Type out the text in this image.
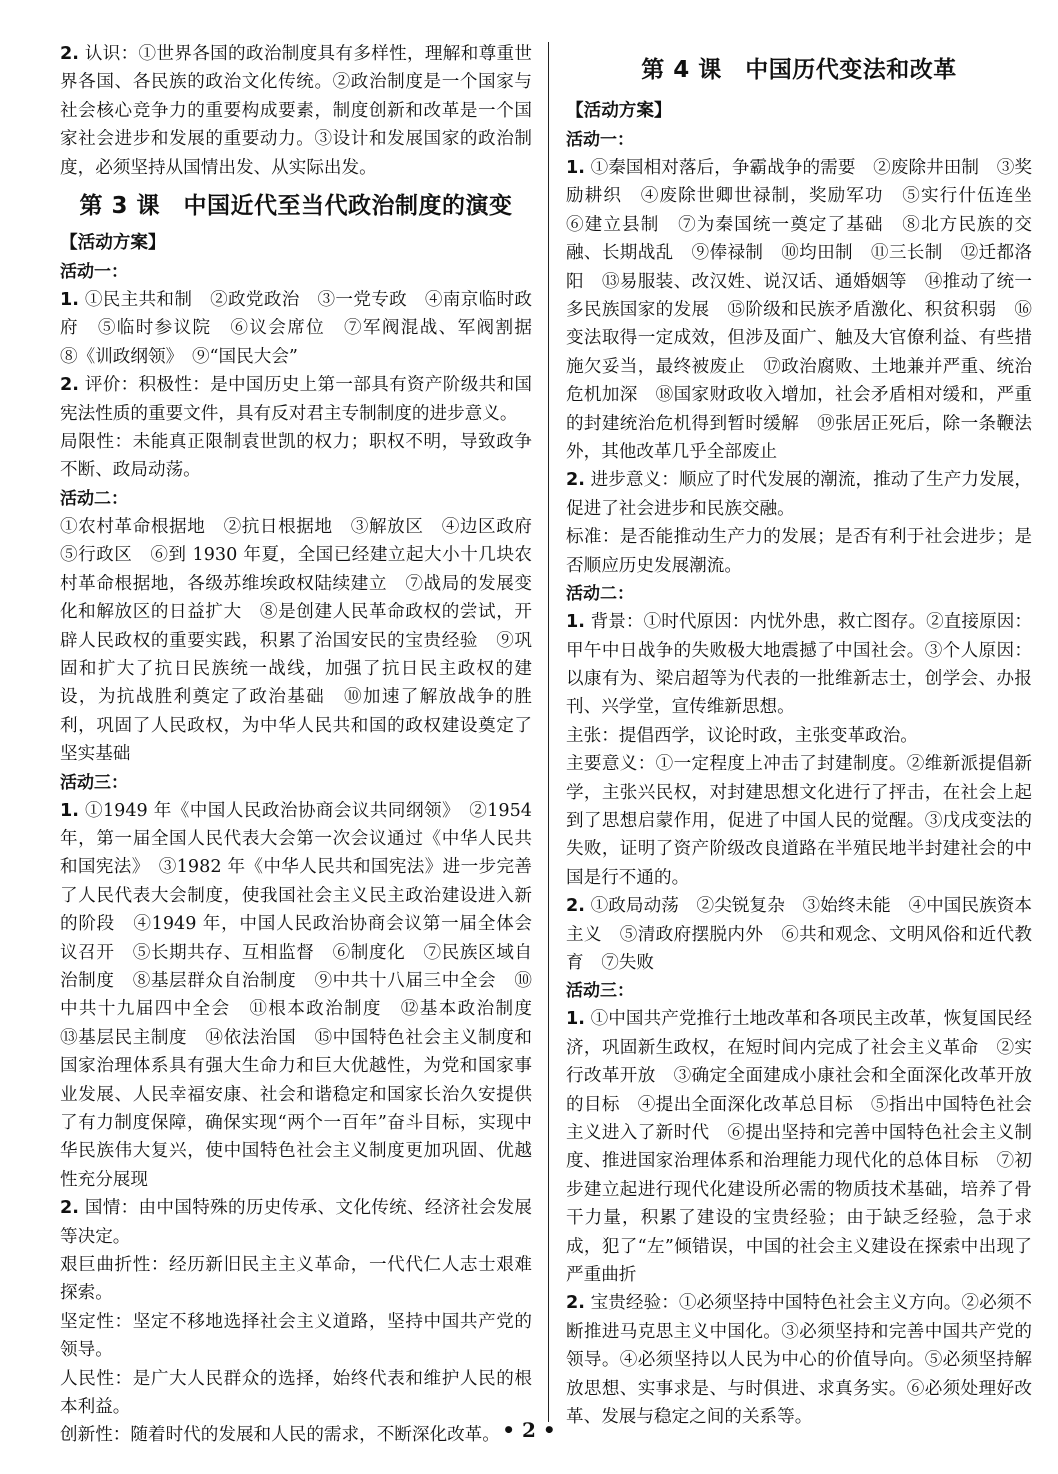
2. 认识：①世界各国的政治制度具有多样性，理解和尊重世界各国、各民族的政治文化传统。②政治制度是一个国家与社会核心竞争力的重要构成要素，制度创新和改革是一个国家社会进步和发展的重要动力。③设计和发展国家的政治制度，必须坚持从国情出发、从实际出发。

第 3 课　中国近代至当代政治制度的演变
【活动方案】
活动一：

1. ①民主共和制　②政党政治　③一党专政　④南京临时政府　⑤临时参议院　⑥议会席位　⑦军阀混战、军阀割据　⑧《训政纲领》　⑨“国民大会”

2. 评价：积极性：是中国历史上第一部具有资产阶级共和国宪法性质的重要文件，具有反对君主专制制度的进步意义。

局限性：未能真正限制袁世凯的权力；职权不明，导致政争不断、政局动荡。

活动二：

①农村革命根据地　②抗日根据地　③解放区　④边区政府　⑤行政区　⑥到 1930 年夏，全国已经建立起大小十几块农村革命根据地，各级苏维埃政权陆续建立　⑦战局的发展变化和解放区的日益扩大　⑧是创建人民革命政权的尝试，开辟人民政权的重要实践，积累了治国安民的宝贵经验　⑨巩固和扩大了抗日民族统一战线，加强了抗日民主政权的建设，为抗战胜利奠定了政治基础　⑩加速了解放战争的胜利，巩固了人民政权，为中华人民共和国的政权建设奠定了坚实基础

活动三：

1. ①1949 年《中国人民政治协商会议共同纲领》　②1954 年，第一届全国人民代表大会第一次会议通过《中华人民共和国宪法》　③1982 年《中华人民共和国宪法》进一步完善了人民代表大会制度，使我国社会主义民主政治建设进入新的阶段　④1949 年，中国人民政治协商会议第一届全体会议召开　⑤长期共存、互相监督　⑥制度化　⑦民族区域自治制度　⑧基层群众自治制度　⑨中共十八届三中全会　⑩中共十九届四中全会　⑪根本政治制度　⑫基本政治制度　⑬基层民主制度　⑭依法治国　⑮中国特色社会主义制度和国家治理体系具有强大生命力和巨大优越性，为党和国家事业发展、人民幸福安康、社会和谐稳定和国家长治久安提供了有力制度保障，确保实现“两个一百年”奋斗目标，实现中华民族伟大复兴，使中国特色社会主义制度更加巩固、优越性充分展现

2. 国情：由中国特殊的历史传承、文化传统、经济社会发展等决定。

艰巨曲折性：经历新旧民主主义革命，一代代仁人志士艰难探索。

坚定性：坚定不移地选择社会主义道路，坚持中国共产党的领导。

人民性：是广大人民群众的选择，始终代表和维护人民的根本利益。

创新性：随着时代的发展和人民的需求，不断深化改革。

第 4 课　中国历代变法和改革
【活动方案】
活动一：

1. ①秦国相对落后，争霸战争的需要　②废除井田制　③奖励耕织　④废除世卿世禄制，奖励军功　⑤实行什伍连坐　⑥建立县制　⑦为秦国统一奠定了基础　⑧北方民族的交融、长期战乱　⑨俸禄制　⑩均田制　⑪三长制　⑫迁都洛阳　⑬易服装、改汉姓、说汉话、通婚姻等　⑭推动了统一多民族国家的发展　⑮阶级和民族矛盾激化、积贫积弱　⑯变法取得一定成效，但涉及面广、触及大官僚利益、有些措施欠妥当，最终被废止　⑰政治腐败、土地兼并严重、统治危机加深　⑱国家财政收入增加，社会矛盾相对缓和，严重的封建统治危机得到暂时缓解　⑲张居正死后，除一条鞭法外，其他改革几乎全部废止

2. 进步意义：顺应了时代发展的潮流，推动了生产力发展，促进了社会进步和民族交融。

标准：是否能推动生产力的发展；是否有利于社会进步；是否顺应历史发展潮流。

活动二：

1. 背景：①时代原因：内忧外患，救亡图存。②直接原因：甲午中日战争的失败极大地震撼了中国社会。③个人原因：以康有为、梁启超等为代表的一批维新志士，创学会、办报刊、兴学堂，宣传维新思想。

主张：提倡西学，议论时政，主张变革政治。

主要意义：①一定程度上冲击了封建制度。②维新派提倡新学，主张兴民权，对封建思想文化进行了抨击，在社会上起到了思想启蒙作用，促进了中国人民的觉醒。③戊戌变法的失败，证明了资产阶级改良道路在半殖民地半封建社会的中国是行不通的。

2. ①政局动荡　②尖锐复杂　③始终未能　④中国民族资本主义　⑤清政府摆脱内外　⑥共和观念、文明风俗和近代教育　⑦失败

活动三：

1. ①中国共产党推行土地改革和各项民主改革，恢复国民经济，巩固新生政权，在短时间内完成了社会主义革命　②实行改革开放　③确定全面建成小康社会和全面深化改革开放的目标　④提出全面深化改革总目标　⑤指出中国特色社会主义进入了新时代　⑥提出坚持和完善中国特色社会主义制度、推进国家治理体系和治理能力现代化的总体目标　⑦初步建立起进行现代化建设所必需的物质技术基础，培养了骨干力量，积累了建设的宝贵经验；由于缺乏经验，急于求成，犯了“左”倾错误，中国的社会主义建设在探索中出现了严重曲折

2. 宝贵经验：①必须坚持中国特色社会主义方向。②必须不断推进马克思主义中国化。③必须坚持和完善中国共产党的领导。④必须坚持以人民为中心的价值导向。⑤必须坚持解放思想、实事求是、与时俱进、求真务实。⑥必须处理好改革、发展与稳定之间的关系等。

• 2 •
